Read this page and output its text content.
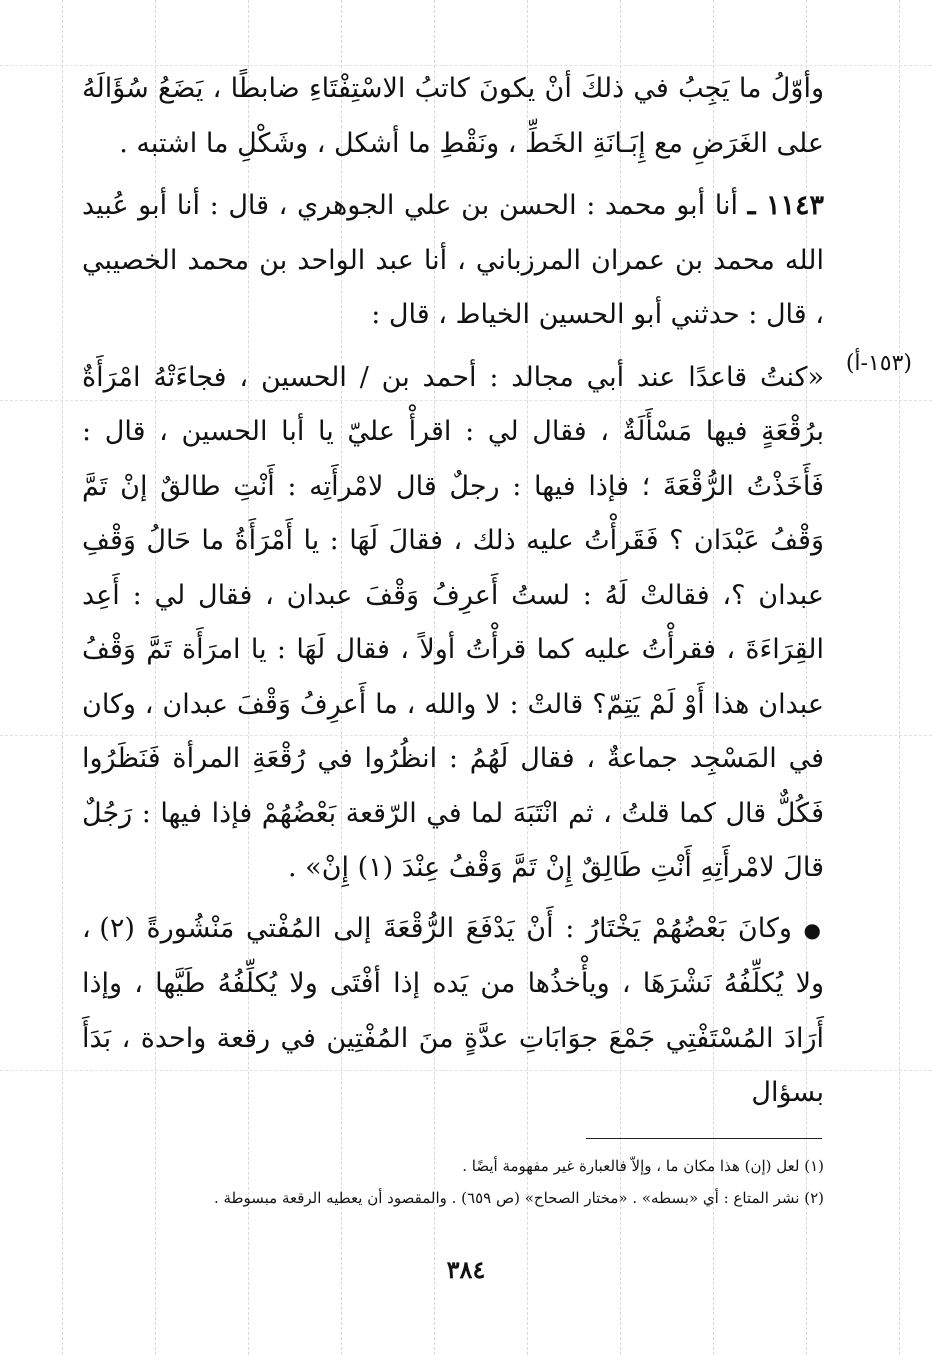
وأوّلُ ما يَجِبُ في ذلكَ أنْ يكونَ كاتبُ الاسْتِفْتَاءِ ضابطًا ، يَضَعُ سُؤَالَهُ على الغَرَضِ مع إِبَـانَةِ الخَطِّ ، ونَقْطِ ما أشكل ، وشَكْلِ ما اشتبه .

١١٤٣ ـ أنا أبو محمد : الحسن بن علي الجوهري ، قال : أنا أبو عُبيد الله محمد بن عمران المرزباني ، أنا عبد الواحد بن محمد الخصيبي ، قال : حدثني أبو الحسين الخياط ، قال :

(١٥٣-أ)

«كنتُ قاعدًا عند أبي مجالد : أحمد بن / الحسين ، فجاءَتْهُ امْرَأَةٌ برُقْعَةٍ فيها مَسْأَلَةٌ ، فقال لي : اقرأْ عليّ يا أبا الحسين ، قال : فَأَخَذْتُ الرُّقْعَةَ ؛ فإذا فيها : رجلٌ قال لامْرأَتِه : أَنْتِ طالقٌ إنْ تَمَّ وَقْفُ عَبْدَان ؟ فَقَرأْتُ عليه ذلك ، فقالَ لَهَا : يا أَمْرَأَةُ ما حَالُ وَقْفِ عبدان ؟، فقالتْ لَهُ : لستُ أَعرِفُ وَقْفَ عبدان ، فقال لي : أَعِد القِرَاءَةَ ، فقرأْتُ عليه كما قرأْتُ أولاً ، فقال لَهَا : يا امرَأَة تَمَّ وَقْفُ عبدان هذا أَوْ لَمْ يَتِمّ؟ قالتْ : لا والله ، ما أَعرِفُ وَقْفَ عبدان ، وكان في المَسْجِد جماعةٌ ، فقال لَهُمُ : انظُرُوا في رُقْعَةِ المرأة فَنَظَرُوا فَكُلٌّ قال كما قلتُ ، ثم انْتَبَهَ لما في الرّقعة بَعْضُهُمْ فإذا فيها : رَجُلٌ قالَ لامْرأَتِهِ أَنْتِ طَالِقٌ إِنْ تَمَّ وَقْفُ عِنْدَ (١) إِنْ» .

● وكانَ بَعْضُهُمْ يَخْتَارُ : أَنْ يَدْفَعَ الرُّقْعَةَ إلى المُفْتي مَنْشُورةً (٢) ، ولا يُكلِّفُهُ نَشْرَهَا ، ويأْخذُها من يَده إذا أفْتَى ولا يُكلِّفُهُ طَيَّها ، وإذا أَرَادَ المُسْتَفْتِي جَمْعَ جوَابَاتِ عدَّةٍ منَ المُفْتِين في رقعة واحدة ، بَدَأَ بسؤال

(١) لعل (إن) هذا مكان ما ، وإلاّ فالعبارة غير مفهومة أيضًا .

(٢) نشر المتاع : أي «بسطه» . «مختار الصحاح» (ص ٦٥٩) . والمقصود أن يعطيه الرقعة مبسوطة .

٣٨٤
